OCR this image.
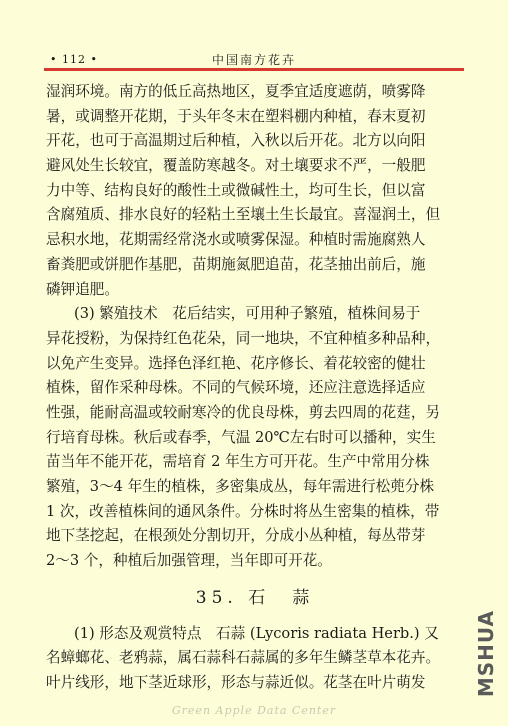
• 112 •	中国南方花卉
湿润环境。南方的低丘高热地区，夏季宜适度遮荫，喷雾降
暑，或调整开花期，于头年冬末在塑料棚内种植，春末夏初
开花，也可于高温期过后种植，入秋以后开花。北方以向阳
避风处生长较宜，覆盖防寒越冬。对土壤要求不严，一般肥
力中等、结构良好的酸性土或微碱性土，均可生长，但以富
含腐殖质、排水良好的轻粘土至壤土生长最宜。喜湿润土，但
忌积水地，花期需经常浇水或喷雾保湿。种植时需施腐熟人
畜粪肥或饼肥作基肥，苗期施氮肥追苗，花茎抽出前后，施
磷钾追肥。
(3) 繁殖技术　花后结实，可用种子繁殖，植株间易于
异花授粉，为保持红色花朵，同一地块，不宜种植多种品种，
以免产生变异。选择色泽红艳、花序修长、着花较密的健壮
植株，留作采种母株。不同的气候环境，还应注意选择适应
性强，能耐高温或较耐寒冷的优良母株，剪去四周的花莛，另
行培育母株。秋后或春季，气温 20℃左右时可以播种，实生
苗当年不能开花，需培育 2 年生方可开花。生产中常用分株
繁殖，3～4 年生的植株，多密集成丛，每年需进行松蔸分株
1 次，改善植株间的通风条件。分株时将丛生密集的植株，带
地下茎挖起，在根颈处分割切开，分成小丛种植，每丛带芽
2～3 个，种植后加强管理，当年即可开花。
35. 石　蒜
(1) 形态及观赏特点　石蒜 (Lycoris radiata Herb.) 又
名蟑螂花、老鸦蒜，属石蒜科石蒜属的多年生鳞茎草本花卉。
叶片线形，地下茎近球形，形态与蒜近似。花茎在叶片萌发	MSHUA
Green Apple Data Center
